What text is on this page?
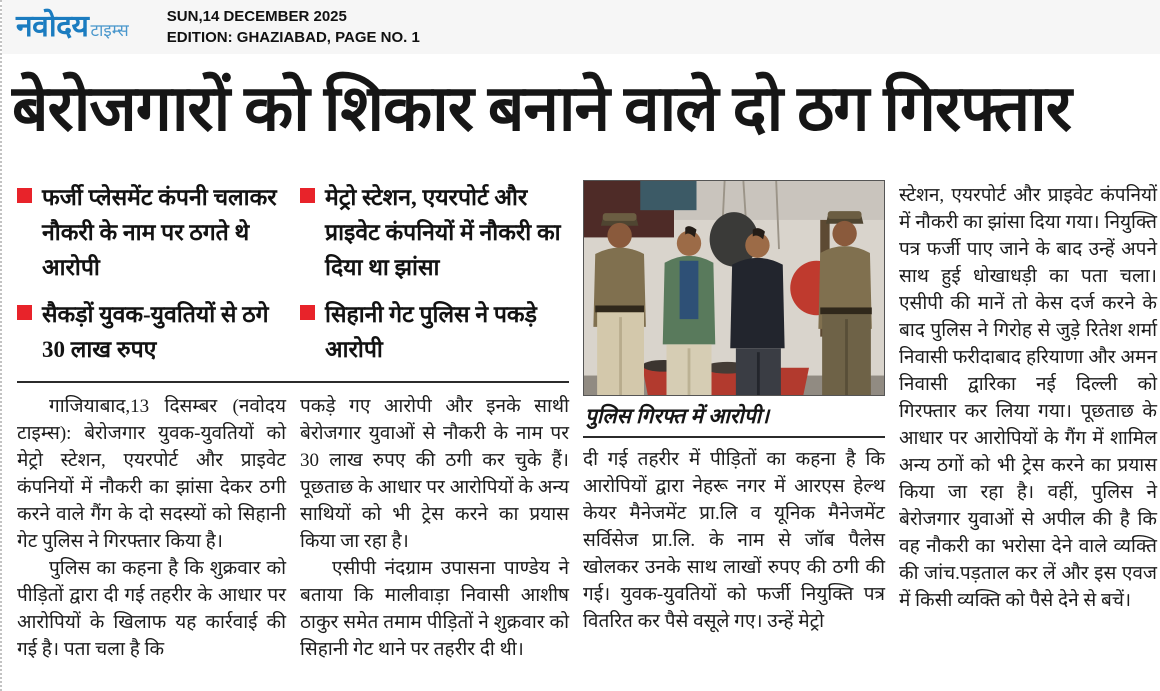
नवोदय टाइम्स
SUN,14 DECEMBER 2025
EDITION: GHAZIABAD, PAGE NO. 1
बेरोजगारों को शिकार बनाने वाले दो ठग गिरफ्तार
फर्जी प्लेसमेंट कंपनी चलाकर नौकरी के नाम पर ठगते थे आरोपी
सैकड़ों युवक-युवतियों से ठगे 30 लाख रुपए
मेट्रो स्टेशन, एयरपोर्ट और प्राइवेट कंपनियों में नौकरी का दिया था झांसा
सिहानी गेट पुलिस ने पकड़े आरोपी

गाजियाबाद,13 दिसम्बर (नवोदय टाइम्स): बेरोजगार युवक-युवतियों को मेट्रो स्टेशन, एयरपोर्ट और प्राइवेट कंपनियों में नौकरी का झांसा देकर ठगी करने वाले गैंग के दो सदस्यों को सिहानी गेट पुलिस ने गिरफ्तार किया है।

पुलिस का कहना है कि शुक्रवार को पीड़ितों द्वारा दी गई तहरीर के आधार पर आरोपियों के खिलाफ यह कार्रवाई की गई है। पता चला है कि

पकड़े गए आरोपी और इनके साथी बेरोजगार युवाओं से नौकरी के नाम पर 30 लाख रुपए की ठगी कर चुके हैं। पूछताछ के आधार पर आरोपियों के अन्य साथियों को भी ट्रेस करने का प्रयास किया जा रहा है।

एसीपी नंदग्राम उपासना पाण्डेय ने बताया कि मालीवाड़ा निवासी आशीष ठाकुर समेत तमाम पीड़ितों ने शुक्रवार को सिहानी गेट थाने पर तहरीर दी थी।

पुलिस गिरफ्त में आरोपी।

दी गई तहरीर में पीड़ितों का कहना है कि आरोपियों द्वारा नेहरू नगर में आरएस हेल्थ केयर मैनेजमेंट प्रा.लि व यूनिक मैनेजमेंट सर्विसेज प्रा.लि. के नाम से जॉब पैलेस खोलकर उनके साथ लाखों रुपए की ठगी की गई। युवक-युवतियों को फर्जी नियुक्ति पत्र वितरित कर पैसे वसूले गए। उन्हें मेट्रो

स्टेशन, एयरपोर्ट और प्राइवेट कंपनियों में नौकरी का झांसा दिया गया। नियुक्ति पत्र फर्जी पाए जाने के बाद उन्हें अपने साथ हुई धोखाधड़ी का पता चला। एसीपी की मानें तो केस दर्ज करने के बाद पुलिस ने गिरोह से जुड़े रितेश शर्मा निवासी फरीदाबाद हरियाणा और अमन निवासी द्वारिका नई दिल्ली को गिरफ्तार कर लिया गया। पूछताछ के आधार पर आरोपियों के गैंग में शामिल अन्य ठगों को भी ट्रेस करने का प्रयास किया जा रहा है। वहीं, पुलिस ने बेरोजगार युवाओं से अपील की है कि वह नौकरी का भरोसा देने वाले व्यक्ति की जांच.पड़ताल कर लें और इस एवज में किसी व्यक्ति को पैसे देने से बचें।
